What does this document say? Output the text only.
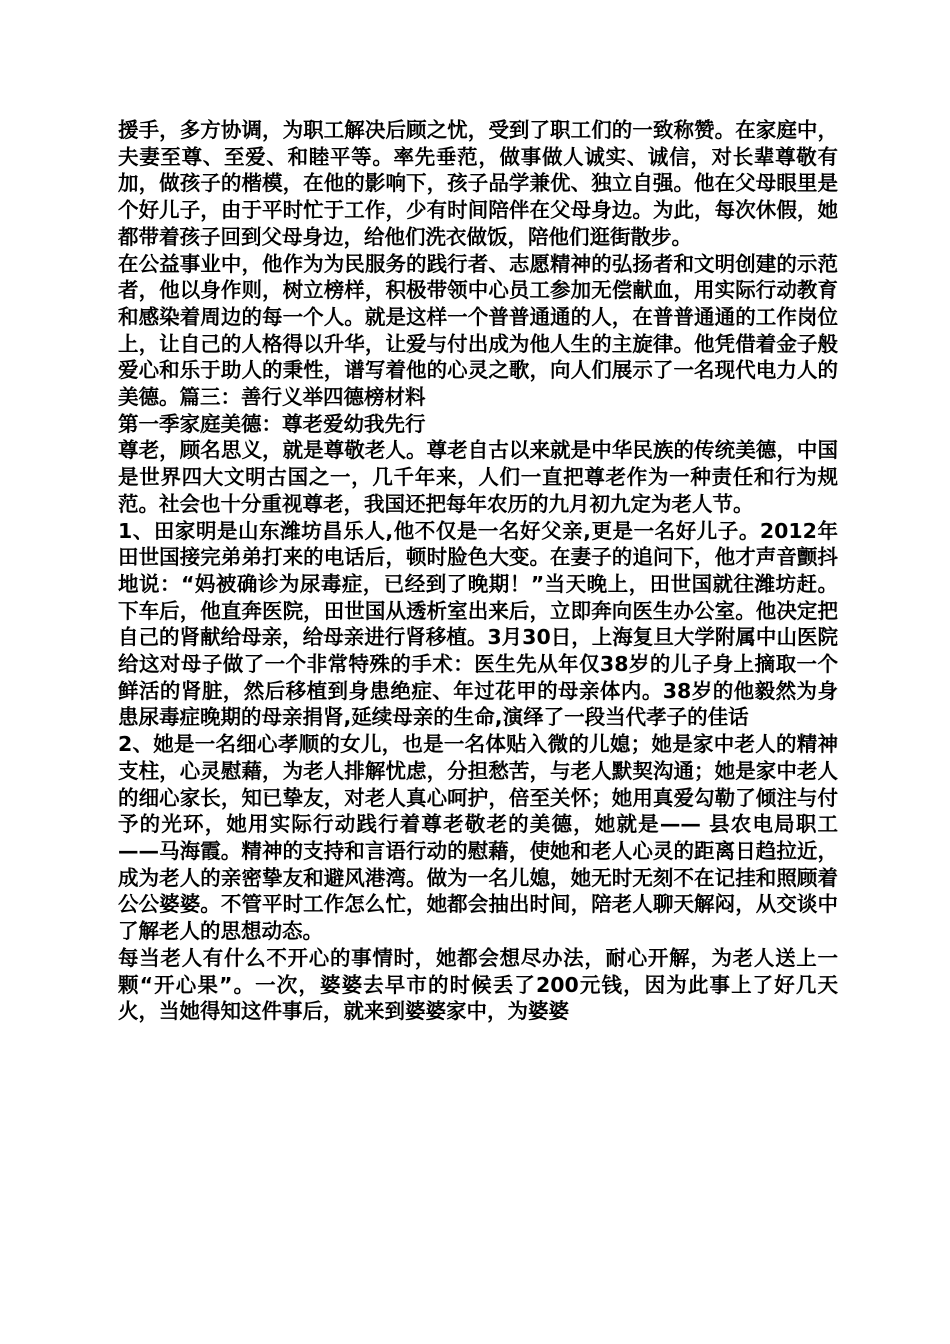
援手，多方协调，为职工解决后顾之忧，受到了职工们的一致称赞。在家庭中，夫妻至尊、至爱、和睦平等。率先垂范，做事做人诚实、诚信，对长辈尊敬有加，做孩子的楷模，在他的影响下，孩子品学兼优、独立自强。他在父母眼里是个好儿子，由于平时忙于工作，少有时间陪伴在父母身边。为此，每次休假，她都带着孩子回到父母身边，给他们洗衣做饭，陪他们逛街散步。

在公益事业中，他作为为民服务的践行者、志愿精神的弘扬者和文明创建的示范者，他以身作则，树立榜样，积极带领中心员工参加无偿献血，用实际行动教育和感染着周边的每一个人。就是这样一个普普通通的人，在普普通通的工作岗位上，让自己的人格得以升华，让爱与付出成为他人生的主旋律。他凭借着金子般爱心和乐于助人的秉性，谱写着他的心灵之歌，向人们展示了一名现代电力人的美德。篇三：善行义举四德榜材料

第一季家庭美德：尊老爱幼我先行

尊老，顾名思义，就是尊敬老人。尊老自古以来就是中华民族的传统美德，中国是世界四大文明古国之一，几千年来，人们一直把尊老作为一种责任和行为规范。社会也十分重视尊老，我国还把每年农历的九月初九定为老人节。

1、田家明是山东潍坊昌乐人,他不仅是一名好父亲,更是一名好儿子。2012年田世国接完弟弟打来的电话后，顿时脸色大变。在妻子的追问下，他才声音颤抖地说：“妈被确诊为尿毒症，已经到了晚期！”当天晚上，田世国就往潍坊赶。下车后，他直奔医院，田世国从透析室出来后，立即奔向医生办公室。他决定把自己的肾献给母亲，给母亲进行肾移植。3月30日，上海复旦大学附属中山医院给这对母子做了一个非常特殊的手术：医生先从年仅38岁的儿子身上摘取一个鲜活的肾脏，然后移植到身患绝症、年过花甲的母亲体内。38岁的他毅然为身患尿毒症晚期的母亲捐肾,延续母亲的生命,演绎了一段当代孝子的佳话

2、她是一名细心孝顺的女儿，也是一名体贴入微的儿媳；她是家中老人的精神支柱，心灵慰藉，为老人排解忧虑，分担愁苦，与老人默契沟通；她是家中老人的细心家长，知已挚友，对老人真心呵护，倍至关怀；她用真爱勾勒了倾注与付予的光环，她用实际行动践行着尊老敬老的美德，她就是—— 县农电局职工——马海霞。精神的支持和言语行动的慰藉，使她和老人心灵的距离日趋拉近，成为老人的亲密挚友和避风港湾。做为一名儿媳，她无时无刻不在记挂和照顾着公公婆婆。不管平时工作怎么忙，她都会抽出时间，陪老人聊天解闷，从交谈中了解老人的思想动态。

每当老人有什么不开心的事情时，她都会想尽办法，耐心开解，为老人送上一颗“开心果”。一次，婆婆去早市的时候丢了200元钱，因为此事上了好几天火，当她得知这件事后，就来到婆婆家中，为婆婆
